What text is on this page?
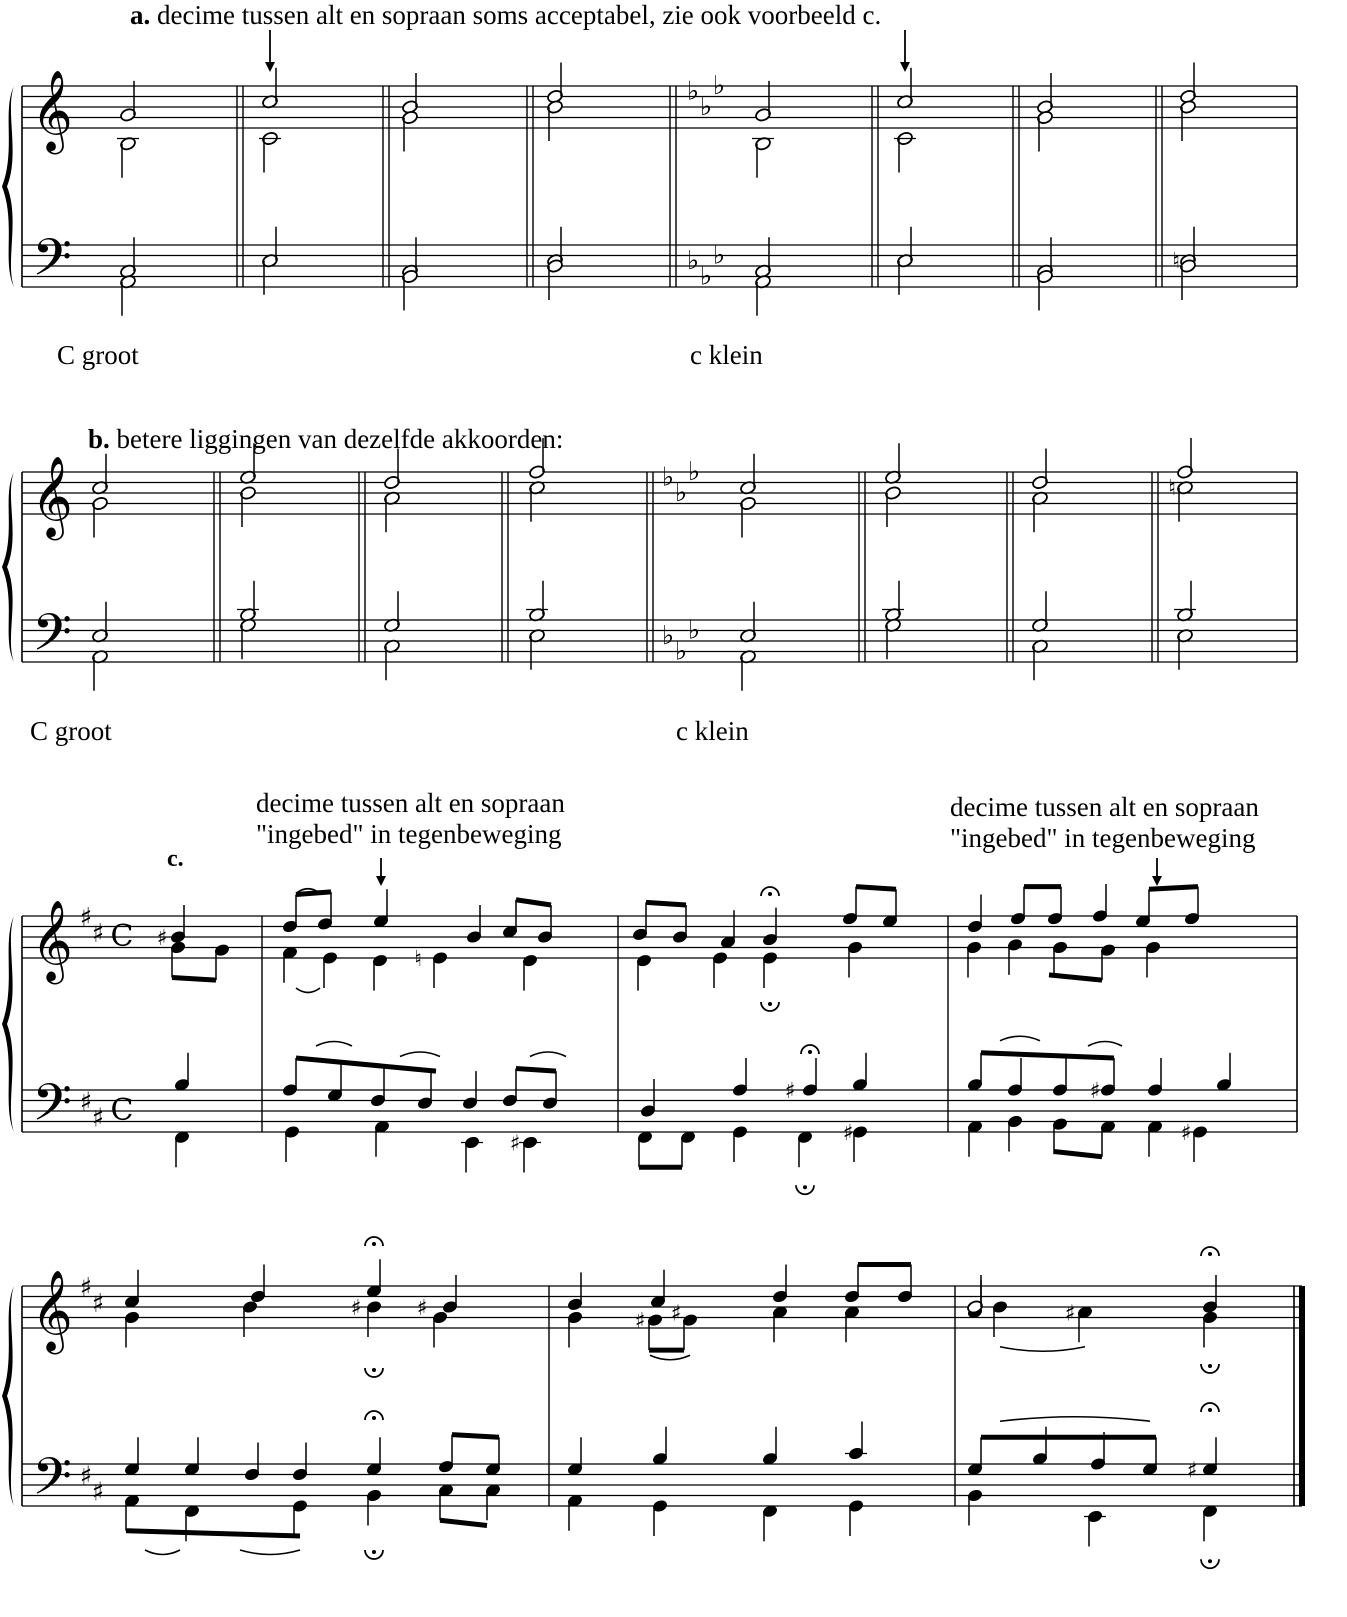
a. decime tussen alt en sopraan soms acceptabel, zie ook voorbeeld c.
C groot	c klein
b. betere liggingen van dezelfde akkoorden:
C groot	c klein
decime tussen alt en sopraan
"ingebed" in tegenbeweging
decime tussen alt en sopraan
"ingebed" in tegenbeweging
c.
𝄞
𝄢
♭
♭
♭
♭
♭
♭	♮
𝄞
𝄢
♭
♭
♭
♭
♭
♭
♮
𝄞
𝄢
♯
♯
♯
♯
C
C
♯
♮
♯
♯	♯
♯
♯
𝄞
𝄢
♯
♯
♯
♯
♯	♯
♯ ♯	♯
♯
